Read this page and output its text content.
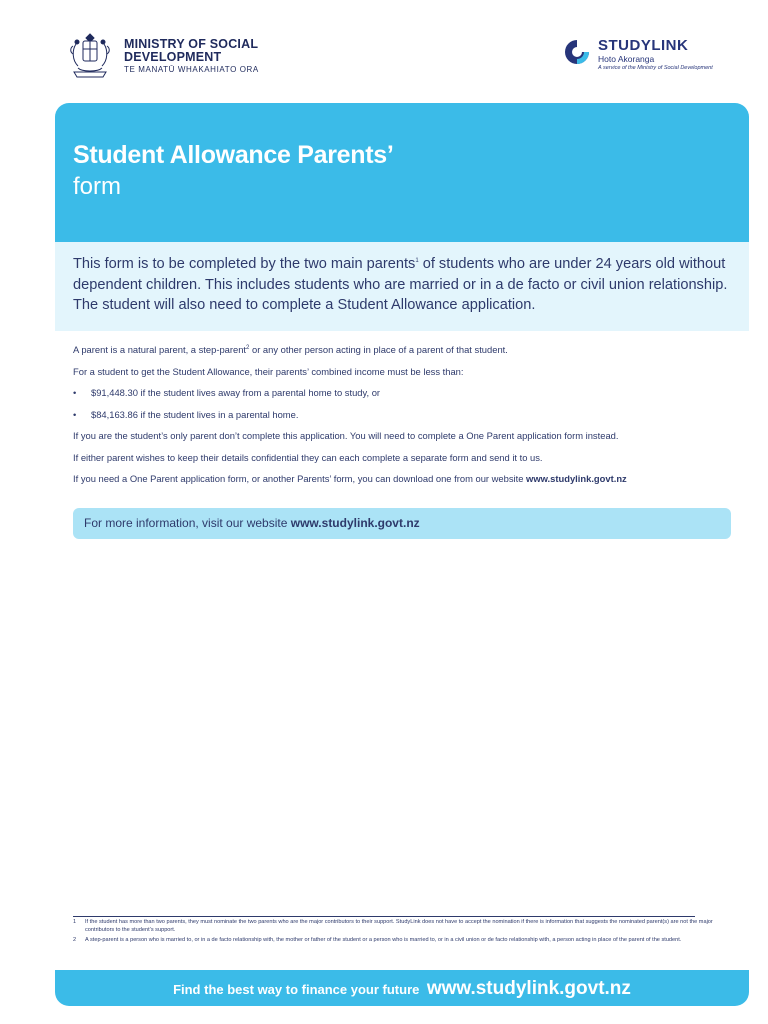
MINISTRY OF SOCIAL
DEVELOPMENT
TE MANATŪ WHAKAHIATO ORA
STUDYLINK
Hoto Akoranga
A service of the Ministry of Social Development
Student Allowance Parents’
form
This form is to be completed by the two main parents$^1$ of students who are under 24 years old without dependent children. This includes students who are married or in a de facto or civil union relationship. The student will also need to complete a Student Allowance application.

A parent is a natural parent, a step-parent$^2$ or any other person acting in place of a parent of that student.

For a student to get the Student Allowance, their parents’ combined income must be less than:

• $91,448.30 if the student lives away from a parental home to study, or

• $84,163.86 if the student lives in a parental home.

If you are the student’s only parent don’t complete this application. You will need to complete a One Parent application form instead.

If either parent wishes to keep their details confidential they can each complete a separate form and send it to us.

If you need a One Parent application form, or another Parents’ form, you can download one from our website www.studylink.govt.nz

For more information, visit our website www.studylink.govt.nz
1 If the student has more than two parents, they must nominate the two parents who are the major contributors to their support. StudyLink does not have to accept the nomination if there is information that suggests the nominated parent(s) are not the major contributors to the student’s support.
2 A step-parent is a person who is married to, or in a de facto relationship with, the mother or father of the student or a person who is married to, or in a civil union or de facto relationship with, a person acting in place of the parent of the student.
Find the best way to finance your future www.studylink.govt.nz
